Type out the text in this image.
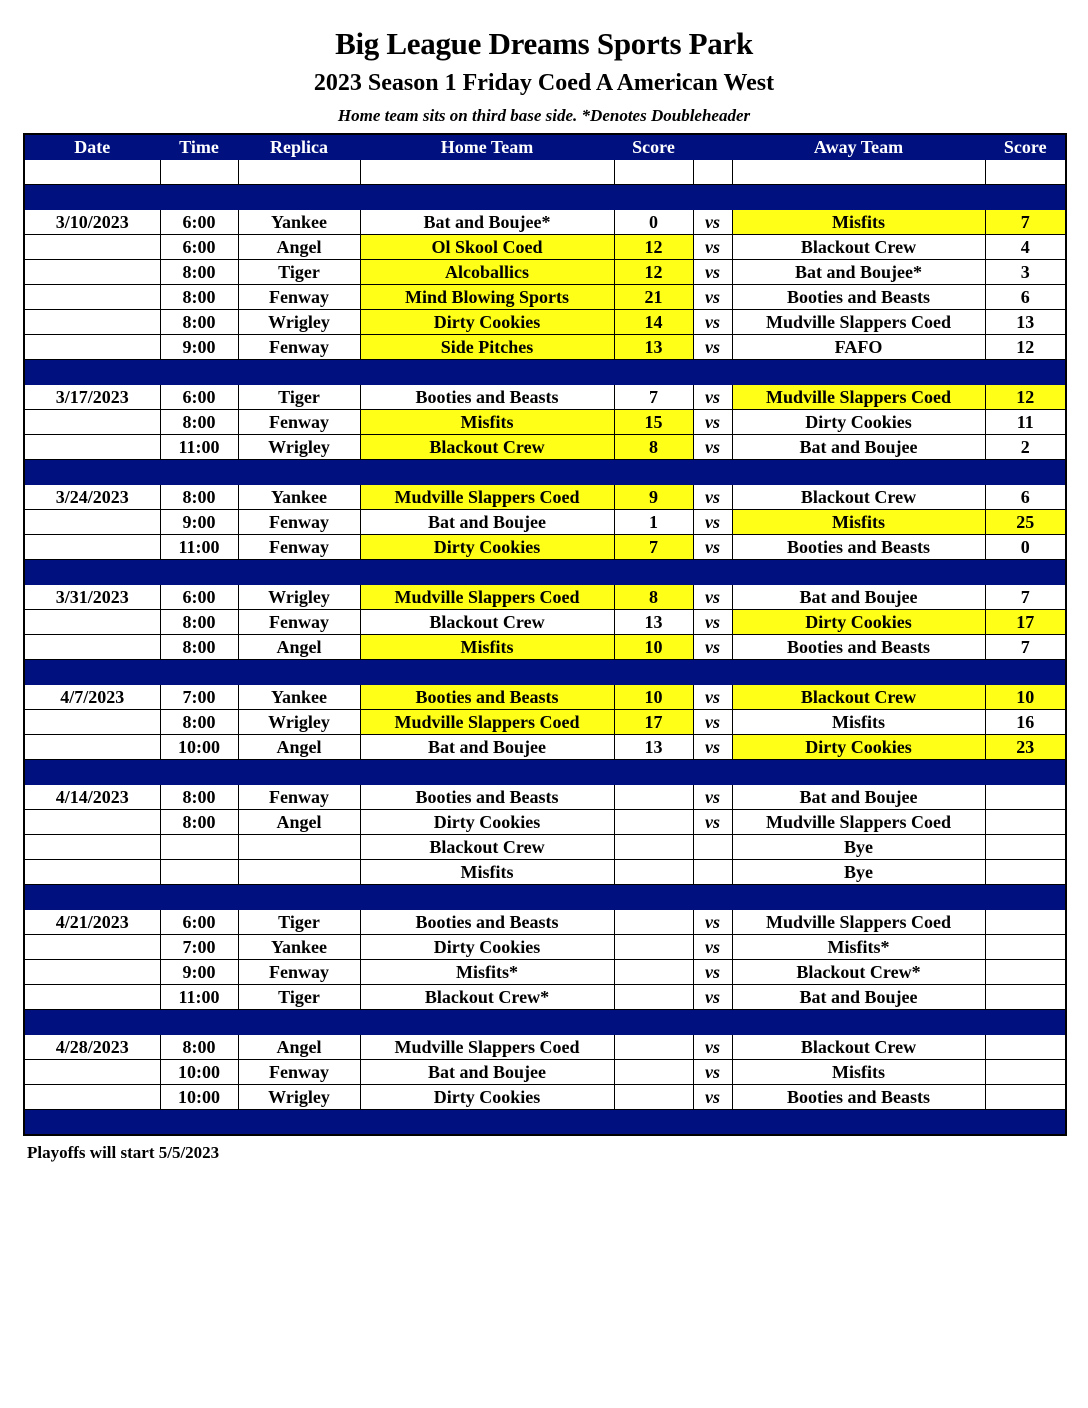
Big League Dreams Sports Park
2023 Season 1 Friday Coed A American West
Home team sits on third base side. *Denotes Doubleheader
Date	Time	Replica	Home Team	Score		Away Team	Score

3/10/2023	6:00	Yankee	Bat and Boujee*	0	vs	Misfits	7
	6:00	Angel	Ol Skool Coed	12	vs	Blackout Crew	4
	8:00	Tiger	Alcoballics	12	vs	Bat and Boujee*	3
	8:00	Fenway	Mind Blowing Sports	21	vs	Booties and Beasts	6
	8:00	Wrigley	Dirty Cookies	14	vs	Mudville Slappers Coed	13
	9:00	Fenway	Side Pitches	13	vs	FAFO	12

3/17/2023	6:00	Tiger	Booties and Beasts	7	vs	Mudville Slappers Coed	12
	8:00	Fenway	Misfits	15	vs	Dirty Cookies	11
	11:00	Wrigley	Blackout Crew	8	vs	Bat and Boujee	2

3/24/2023	8:00	Yankee	Mudville Slappers Coed	9	vs	Blackout Crew	6
	9:00	Fenway	Bat and Boujee	1	vs	Misfits	25
	11:00	Fenway	Dirty Cookies	7	vs	Booties and Beasts	0

3/31/2023	6:00	Wrigley	Mudville Slappers Coed	8	vs	Bat and Boujee	7
	8:00	Fenway	Blackout Crew	13	vs	Dirty Cookies	17
	8:00	Angel	Misfits	10	vs	Booties and Beasts	7

4/7/2023	7:00	Yankee	Booties and Beasts	10	vs	Blackout Crew	10
	8:00	Wrigley	Mudville Slappers Coed	17	vs	Misfits	16
	10:00	Angel	Bat and Boujee	13	vs	Dirty Cookies	23

4/14/2023	8:00	Fenway	Booties and Beasts		vs	Bat and Boujee	
	8:00	Angel	Dirty Cookies		vs	Mudville Slappers Coed	
			Blackout Crew			Bye	
			Misfits			Bye	

4/21/2023	6:00	Tiger	Booties and Beasts		vs	Mudville Slappers Coed	
	7:00	Yankee	Dirty Cookies		vs	Misfits*	
	9:00	Fenway	Misfits*		vs	Blackout Crew*	
	11:00	Tiger	Blackout Crew*		vs	Bat and Boujee	

4/28/2023	8:00	Angel	Mudville Slappers Coed		vs	Blackout Crew	
	10:00	Fenway	Bat and Boujee		vs	Misfits	
	10:00	Wrigley	Dirty Cookies		vs	Booties and Beasts	

Playoffs will start 5/5/2023
